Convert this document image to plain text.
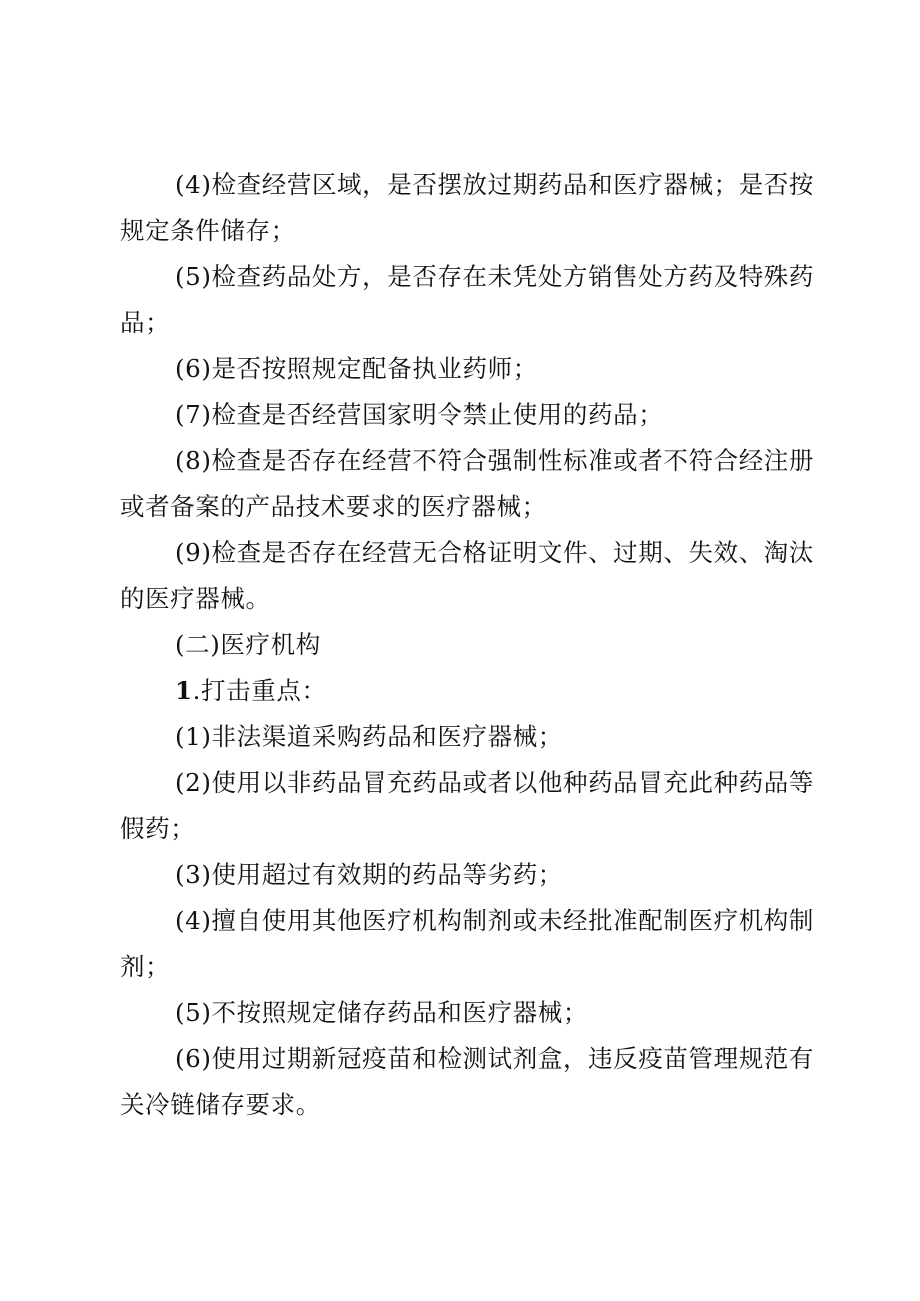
(4)检查经营区域，是否摆放过期药品和医疗器械；是否按规定条件储存；

(5)检查药品处方，是否存在未凭处方销售处方药及特殊药品；

(6)是否按照规定配备执业药师；

(7)检查是否经营国家明令禁止使用的药品；

(8)检查是否存在经营不符合强制性标准或者不符合经注册或者备案的产品技术要求的医疗器械；

(9)检查是否存在经营无合格证明文件、过期、失效、淘汰的医疗器械。

(二)医疗机构

1.打击重点：

(1)非法渠道采购药品和医疗器械；

(2)使用以非药品冒充药品或者以他种药品冒充此种药品等假药；

(3)使用超过有效期的药品等劣药；

(4)擅自使用其他医疗机构制剂或未经批准配制医疗机构制剂；

(5)不按照规定储存药品和医疗器械；

(6)使用过期新冠疫苗和检测试剂盒，违反疫苗管理规范有关冷链储存要求。
